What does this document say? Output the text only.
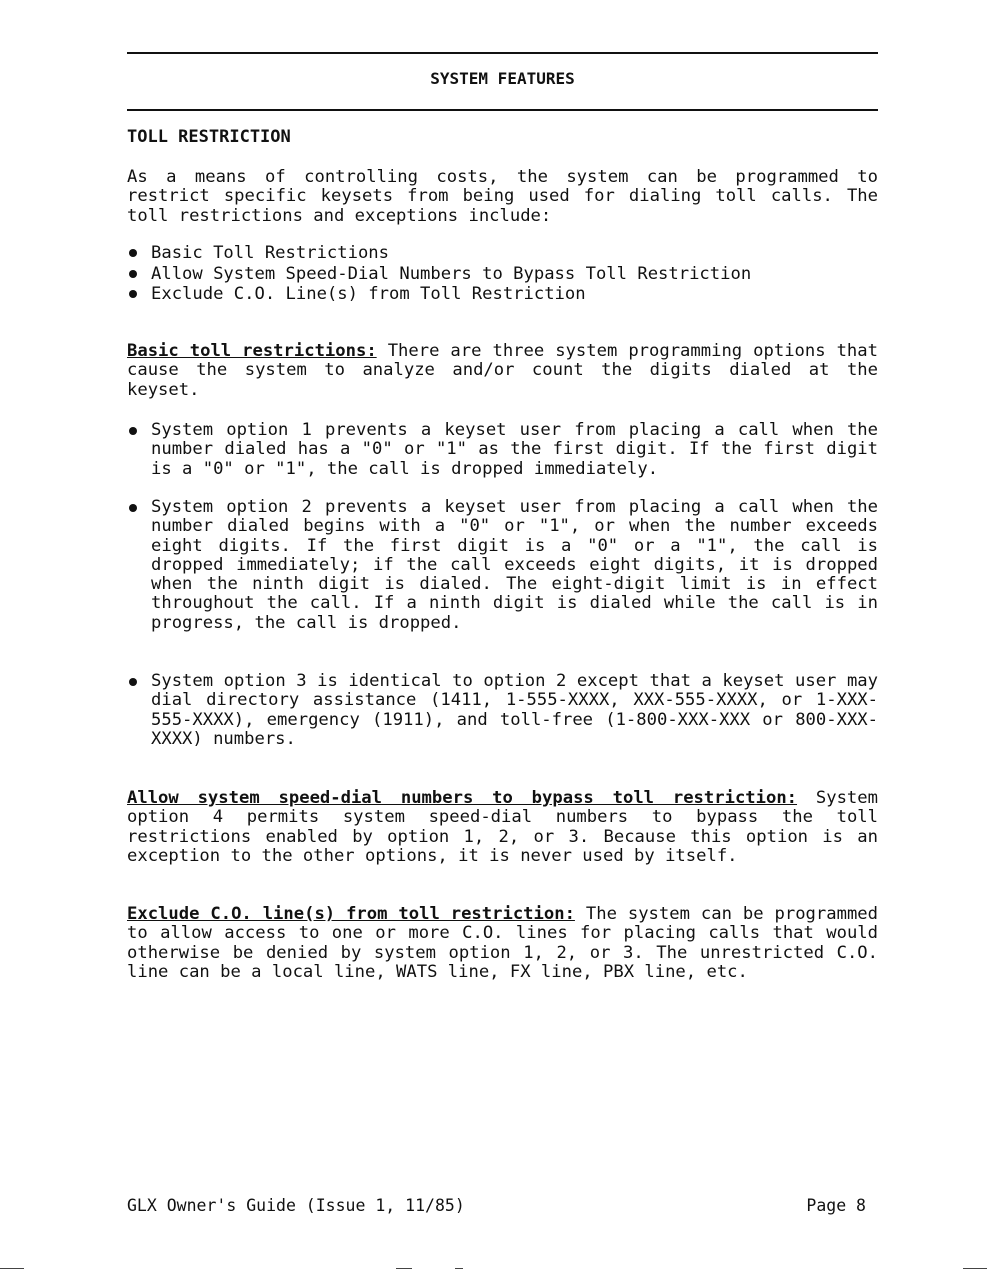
SYSTEM FEATURES
TOLL RESTRICTION
As a means of controlling costs, the system can be programmed to restrict specific keysets from being used for dialing toll calls. The toll restrictions and exceptions include:
Basic Toll Restrictions
Allow System Speed-Dial Numbers to Bypass Toll Restriction
Exclude C.O. Line(s) from Toll Restriction
Basic toll restrictions: There are three system programming options that cause the system to analyze and/or count the digits dialed at the keyset.
System option 1 prevents a keyset user from placing a call when the number dialed has a "0" or "1" as the first digit. If the first digit is a "0" or "1", the call is dropped immediately.
System option 2 prevents a keyset user from placing a call when the number dialed begins with a "0" or "1", or when the number exceeds eight digits. If the first digit is a "0" or a "1", the call is dropped immediately; if the call exceeds eight digits, it is dropped when the ninth digit is dialed. The eight-digit limit is in effect throughout the call. If a ninth digit is dialed while the call is in progress, the call is dropped.
System option 3 is identical to option 2 except that a keyset user may dial directory assistance (1411, 1-555-XXXX, XXX-555-XXXX, or 1-XXX-555-XXXX), emergency (1911), and toll-free (1-800-XXX-XXX or 800-XXX-XXXX) numbers.
Allow system speed-dial numbers to bypass toll restriction: System option 4 permits system speed-dial numbers to bypass the toll restrictions enabled by option 1, 2, or 3. Because this option is an exception to the other options, it is never used by itself.
Exclude C.O. line(s) from toll restriction: The system can be programmed to allow access to one or more C.O. lines for placing calls that would otherwise be denied by system option 1, 2, or 3. The unrestricted C.O. line can be a local line, WATS line, FX line, PBX line, etc.
GLX Owner's Guide (Issue 1, 11/85)	Page 8
